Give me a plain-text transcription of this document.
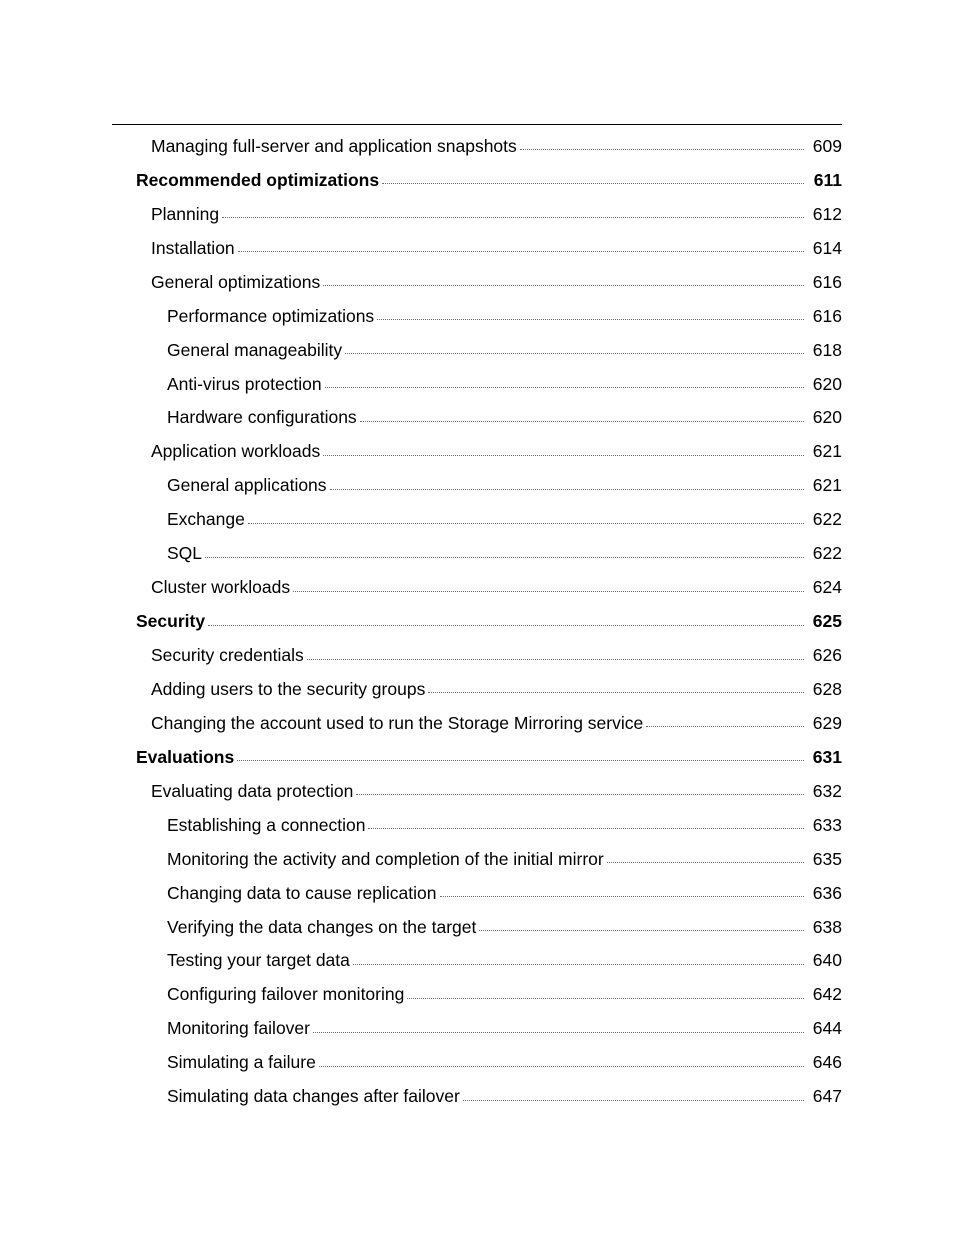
Managing full-server and application snapshots	609
Recommended optimizations	611
Planning	612
Installation	614
General optimizations	616
Performance optimizations	616
General manageability	618
Anti-virus protection	620
Hardware configurations	620
Application workloads	621
General applications	621
Exchange	622
SQL	622
Cluster workloads	624
Security	625
Security credentials	626
Adding users to the security groups	628
Changing the account used to run the Storage Mirroring service	629
Evaluations	631
Evaluating data protection	632
Establishing a connection	633
Monitoring the activity and completion of the initial mirror	635
Changing data to cause replication	636
Verifying the data changes on the target	638
Testing your target data	640
Configuring failover monitoring	642
Monitoring failover	644
Simulating a failure	646
Simulating data changes after failover	647
